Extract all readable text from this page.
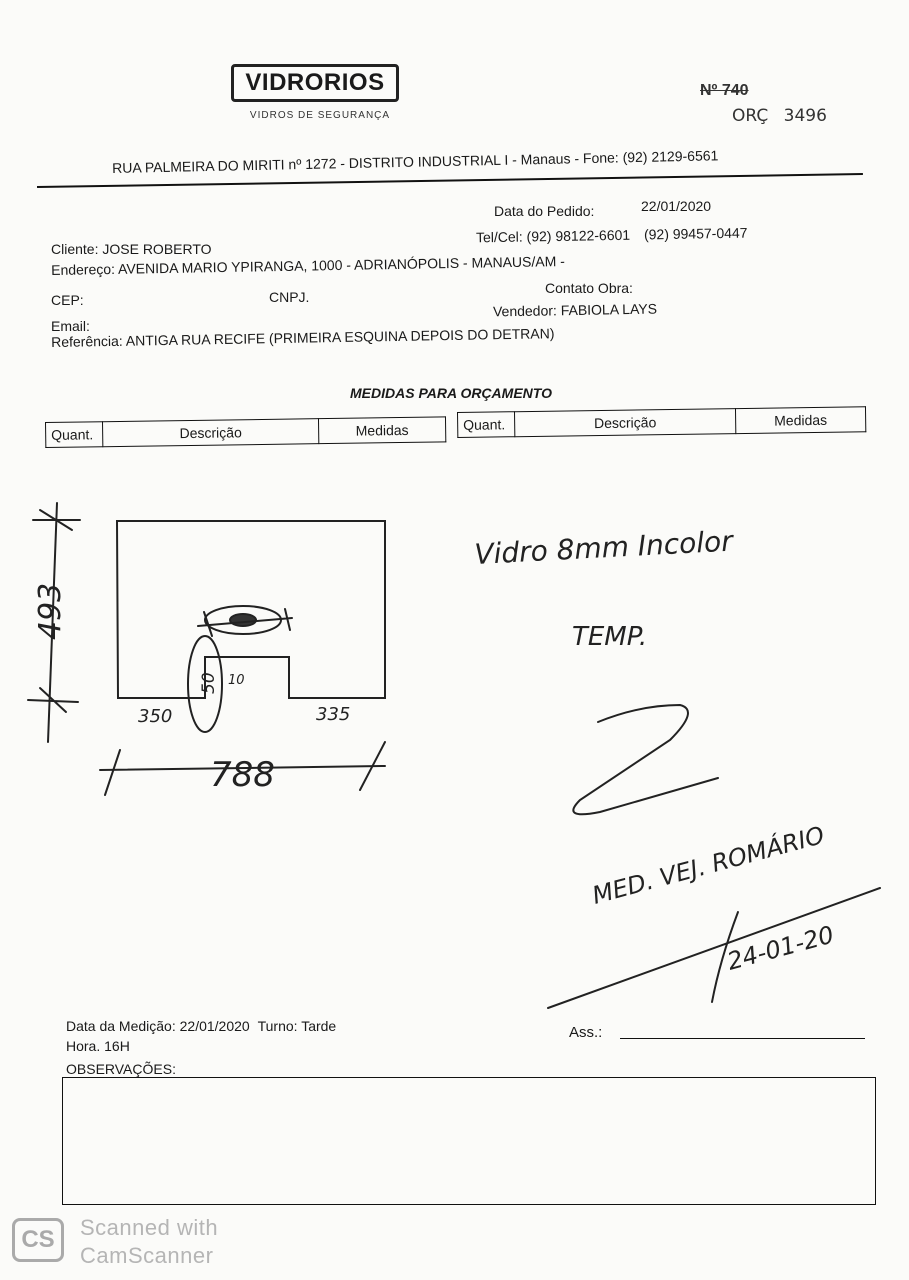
VIDRORIOS
VIDROS DE SEGURANÇA
Nº 740
ORÇ 3496
RUA PALMEIRA DO MIRITI nº 1272 - DISTRITO INDUSTRIAL I - Manaus - Fone: (92) 2129-6561
Data do Pedido:	22/01/2020
Cliente: JOSE ROBERTO
Tel/Cel: (92) 98122-6601 (92) 99457-0447
Endereço: AVENIDA MARIO YPIRANGA, 1000 - ADRIANÓPOLIS - MANAUS/AM -
CEP:	CNPJ.
Contato Obra:
Email:
Vendedor: FABIOLA LAYS
Referência: ANTIGA RUA RECIFE (PRIMEIRA ESQUINA DEPOIS DO DETRAN)
MEDIDAS PARA ORÇAMENTO
Quant.	Descrição	Medidas	Quant.	Descrição	Medidas
493
788
350	335
50 10
Vidro 8mm Incolor
TEMP.
MED. VEJ. ROMÁRIO
24-01-20
Data da Medição: 22/01/2020 Turno: Tarde
Hora. 16H
Ass.:
OBSERVAÇÕES:
CS	Scanned with
CamScanner
